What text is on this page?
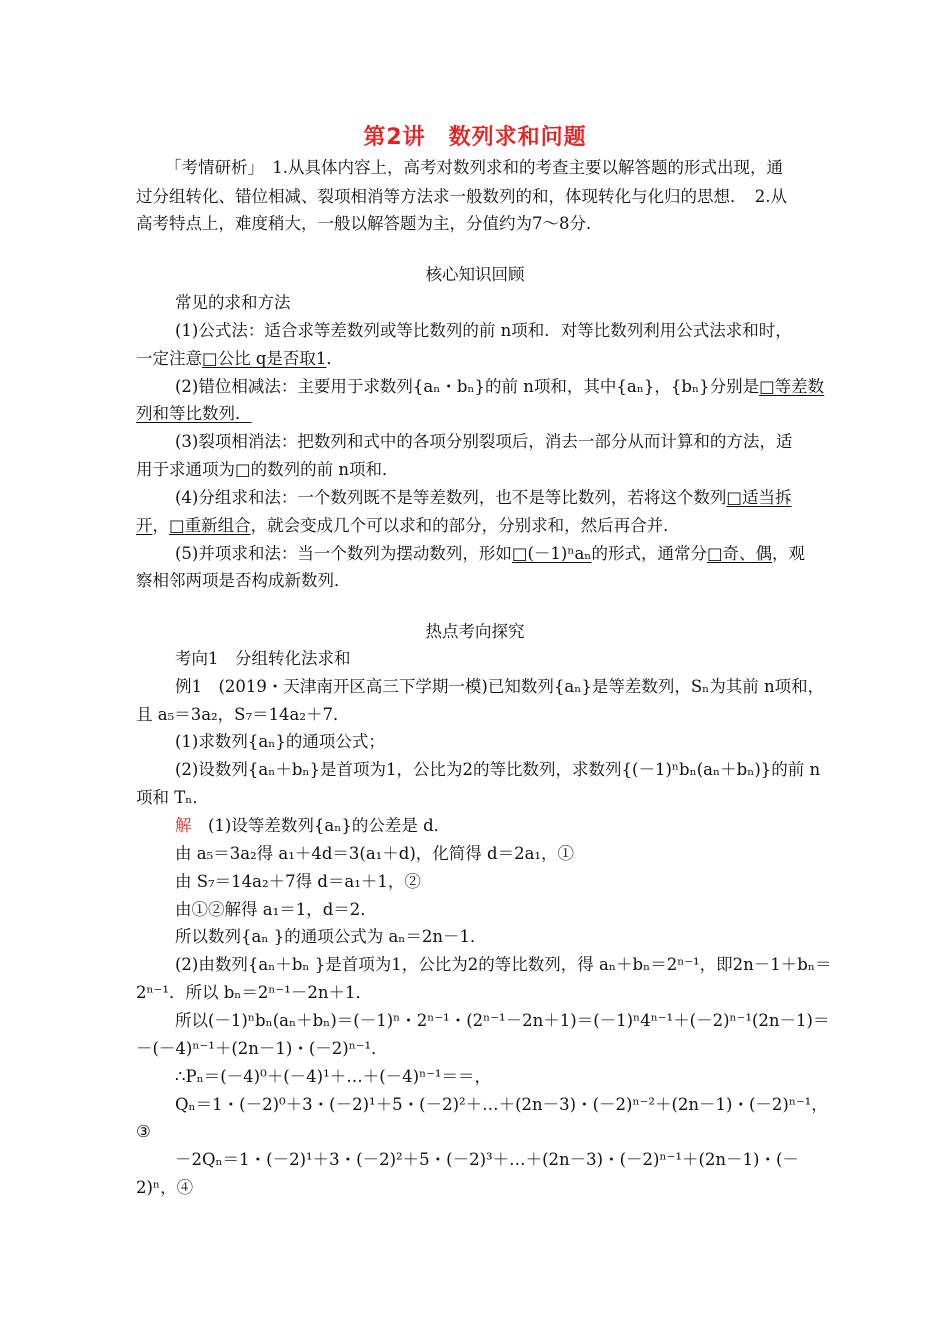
第2讲　数列求和问题
「考情研析」　1.从具体内容上，高考对数列求和的考查主要以解答题的形式出现，通
过分组转化、错位相减、裂项相消等方法求一般数列的和，体现转化与化归的思想．　2.从
高考特点上，难度稍大，一般以解答题为主，分值约为7～8分．
核心知识回顾
常见的求和方法
(1)公式法：适合求等差数列或等比数列的前 n项和．对等比数列利用公式法求和时，
一定注意□公比 q是否取1．
(2)错位相减法：主要用于求数列{aₙ・bₙ}的前 n项和，其中{aₙ}，{bₙ}分别是□等差数
列和等比数列．
(3)裂项相消法：把数列和式中的各项分别裂项后，消去一部分从而计算和的方法，适
用于求通项为□的数列的前 n项和．
(4)分组求和法：一个数列既不是等差数列，也不是等比数列，若将这个数列□适当拆
开，□重新组合，就会变成几个可以求和的部分，分别求和，然后再合并．
(5)并项求和法：当一个数列为摆动数列，形如□(－1)ⁿaₙ的形式，通常分□奇、偶，观
察相邻两项是否构成新数列．
热点考向探究
考向1　分组转化法求和
例1　(2019・天津南开区高三下学期一模)已知数列{aₙ}是等差数列，Sₙ为其前 n项和，
且 a₅＝3a₂，S₇＝14a₂＋7．
(1)求数列{aₙ}的通项公式；
(2)设数列{aₙ＋bₙ}是首项为1，公比为2的等比数列，求数列{(－1)ⁿbₙ(aₙ＋bₙ)}的前 n
项和 Tₙ．
解　(1)设等差数列{aₙ}的公差是 d．
由 a₅＝3a₂得 a₁＋4d＝3(a₁＋d)，化简得 d＝2a₁，①
由 S₇＝14a₂＋7得 d＝a₁＋1，②
由①②解得 a₁＝1，d＝2．
所以数列{aₙ }的通项公式为 aₙ＝2n－1．
(2)由数列{aₙ＋bₙ }是首项为1，公比为2的等比数列，得 aₙ＋bₙ＝2ⁿ⁻¹，即2n－1＋bₙ＝
2ⁿ⁻¹．所以 bₙ＝2ⁿ⁻¹－2n＋1．
所以(－1)ⁿbₙ(aₙ＋bₙ)＝(－1)ⁿ・2ⁿ⁻¹・(2ⁿ⁻¹－2n＋1)＝(－1)ⁿ4ⁿ⁻¹＋(－2)ⁿ⁻¹(2n－1)＝
－(－4)ⁿ⁻¹＋(2n－1)・(－2)ⁿ⁻¹．
∴Pₙ＝(－4)⁰＋(－4)¹＋…＋(－4)ⁿ⁻¹＝＝，
Qₙ＝1・(－2)⁰＋3・(－2)¹＋5・(－2)²＋…＋(2n－3)・(－2)ⁿ⁻²＋(2n－1)・(－2)ⁿ⁻¹，
③
－2Qₙ＝1・(－2)¹＋3・(－2)²＋5・(－2)³＋…＋(2n－3)・(－2)ⁿ⁻¹＋(2n－1)・(－
2)ⁿ，④
